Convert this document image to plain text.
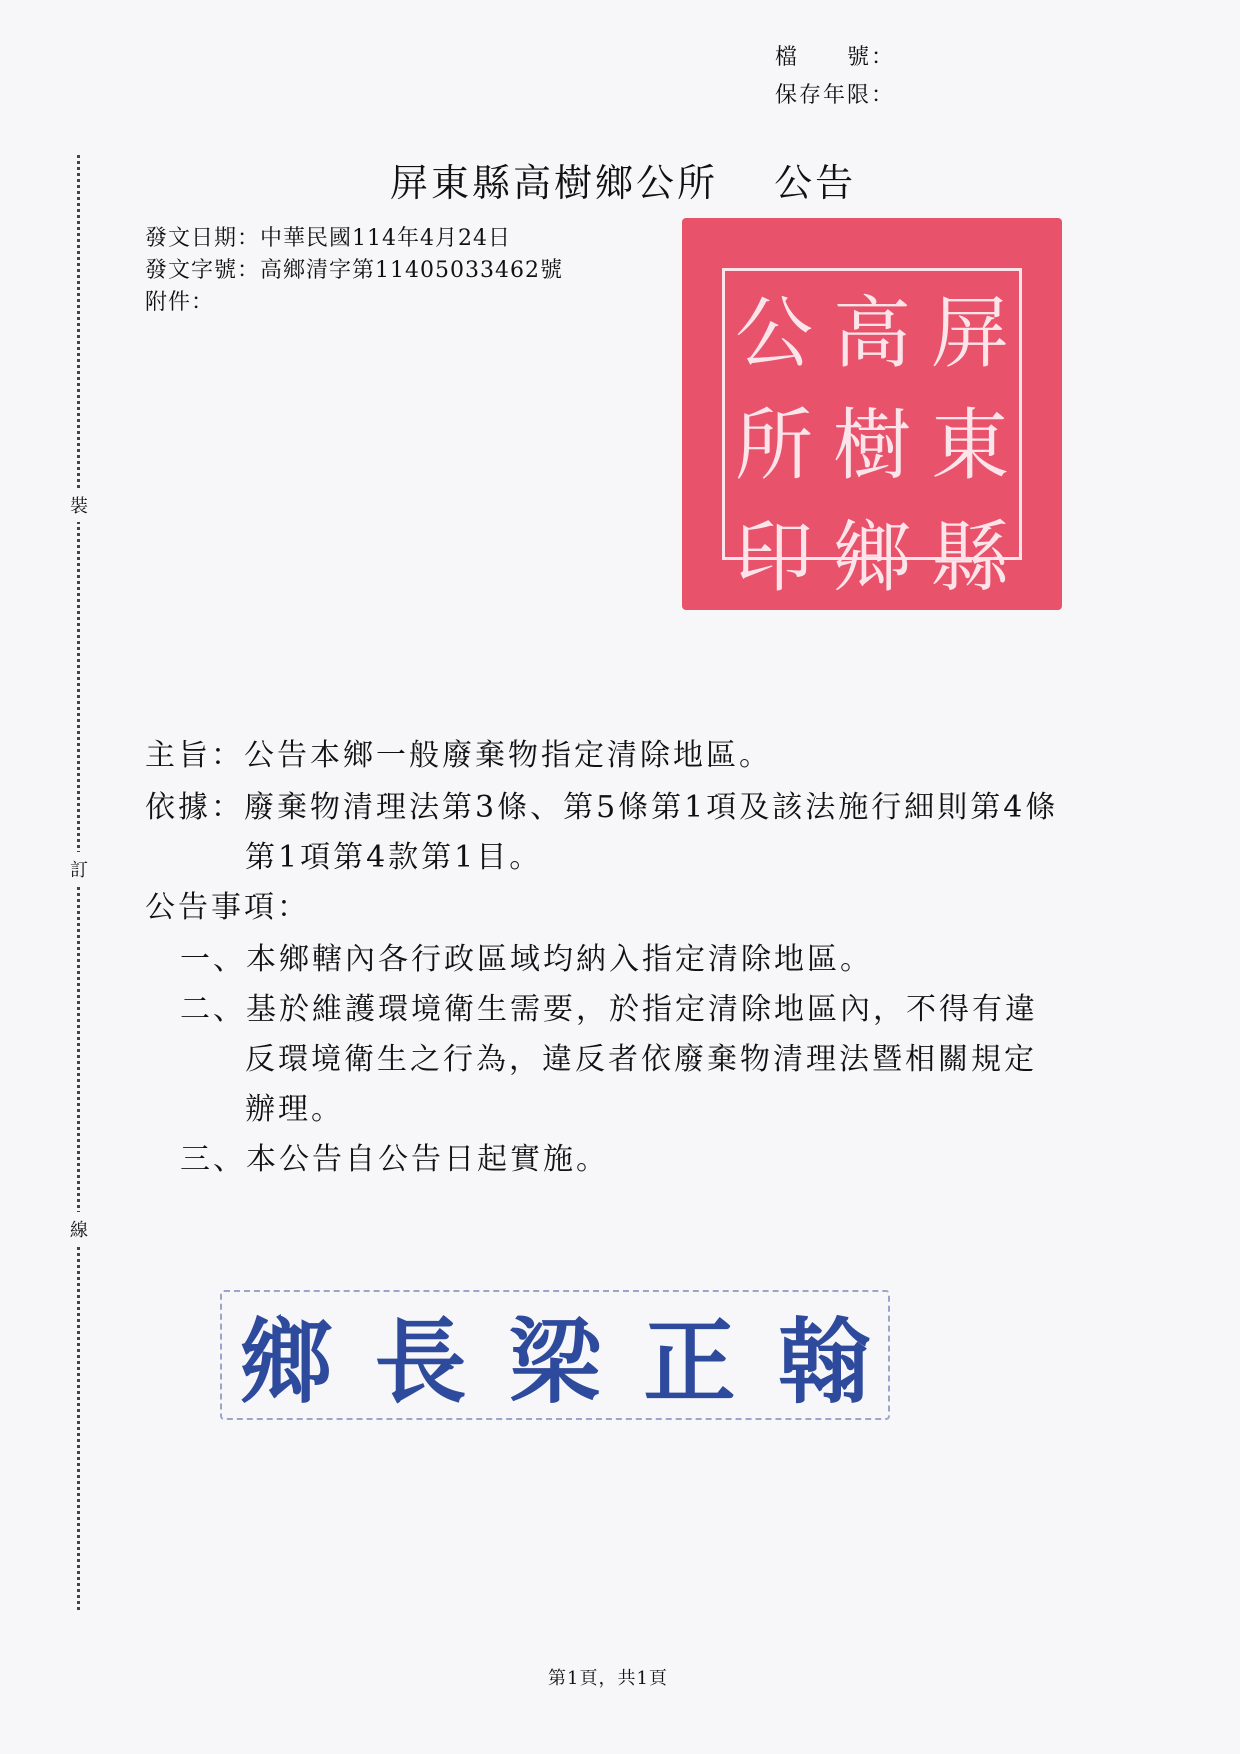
裝
訂
線
檔　　號：
保存年限：
屏東縣高樹鄉公所　 公告
發文日期：中華民國114年4月24日
發文字號：高鄉清字第11405033462號
附件：	屏
高
公
東
樹
所
縣
鄉
印
主旨：公告本鄉一般廢棄物指定清除地區。
依據：廢棄物清理法第3條、第5條第1項及該法施行細則第4條
第1項第4款第1目。
公告事項：
一、本鄉轄內各行政區域均納入指定清除地區。
二、基於維護環境衛生需要，於指定清除地區內，不得有違
反環境衛生之行為，違反者依廢棄物清理法暨相關規定
辦理。
三、本公告自公告日起實施。
鄉 長 梁 正 翰
第1頁，共1頁
